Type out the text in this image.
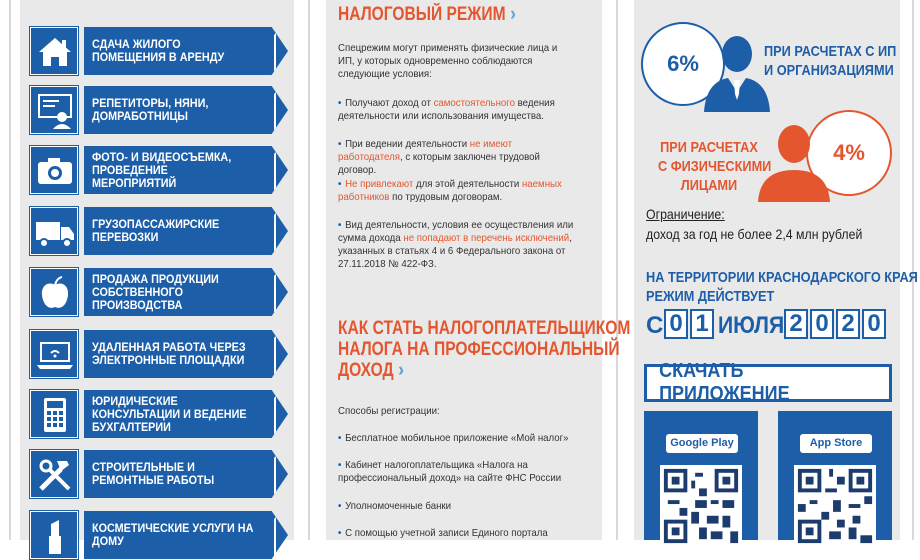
СДАЧА ЖИЛОГО ПОМЕЩЕНИЯ В АРЕНДУ
РЕПЕТИТОРЫ, НЯНИ, ДОМРАБОТНИЦЫ
ФОТО- И ВИДЕОСЪЕМКА, ПРОВЕДЕНИЕ МЕРОПРИЯТИЙ
ГРУЗОПАССАЖИРСКИЕ ПЕРЕВОЗКИ
ПРОДАЖА ПРОДУКЦИИ СОБСТВЕННОГО ПРОИЗВОДСТВА
УДАЛЕННАЯ РАБОТА ЧЕРЕЗ ЭЛЕКТРОННЫЕ ПЛОЩАДКИ
ЮРИДИЧЕСКИЕ КОНСУЛЬТАЦИИ И ВЕДЕНИЕ БУХГАЛТЕРИИ
СТРОИТЕЛЬНЫЕ И РЕМОНТНЫЕ РАБОТЫ
КОСМЕТИЧЕСКИЕ УСЛУГИ НА ДОМУ
НАЛОГОВЫЙ РЕЖИМ ››
Спецрежим могут применять физические лица и ИП, у которых одновременно соблюдаются следующие условия:
• Получают доход от самостоятельного ведения деятельности или использования имущества.
• При ведении деятельности не имеют работодателя, с которым заключен трудовой договор.
• Не привлекают для этой деятельности наемных работников по трудовым договорам.
• Вид деятельности, условия ее осуществления или сумма дохода не попадают в перечень исключений, указанных в статьях 4 и 6 Федерального закона от 27.11.2018 № 422-ФЗ.
КАК СТАТЬ НАЛОГОПЛАТЕЛЬЩИКОМ
НАЛОГА НА ПРОФЕССИОНАЛЬНЫЙ
ДОХОД ››
Способы регистрации:
• Бесплатное мобильное приложение «Мой налог»
• Кабинет налогоплательщика «Налога на профессиональный доход» на сайте ФНС России
• Уполномоченные банки
• С помощью учетной записи Единого портала
6%	ПРИ РАСЧЕТАХ С ИП
И ОРГАНИЗАЦИЯМИ
4%
ПРИ РАСЧЕТАХ
С ФИЗИЧЕСКИМИ
ЛИЦАМИ
Ограничение:
доход за год не более 2,4 млн рублей
НА ТЕРРИТОРИИ КРАСНОДАРСКОГО КРАЯ
РЕЖИМ ДЕЙСТВУЕТ
С 0 1 ИЮЛЯ 2 0 2 0
СКАЧАТЬ ПРИЛОЖЕНИЕ
Google Play	App Store
